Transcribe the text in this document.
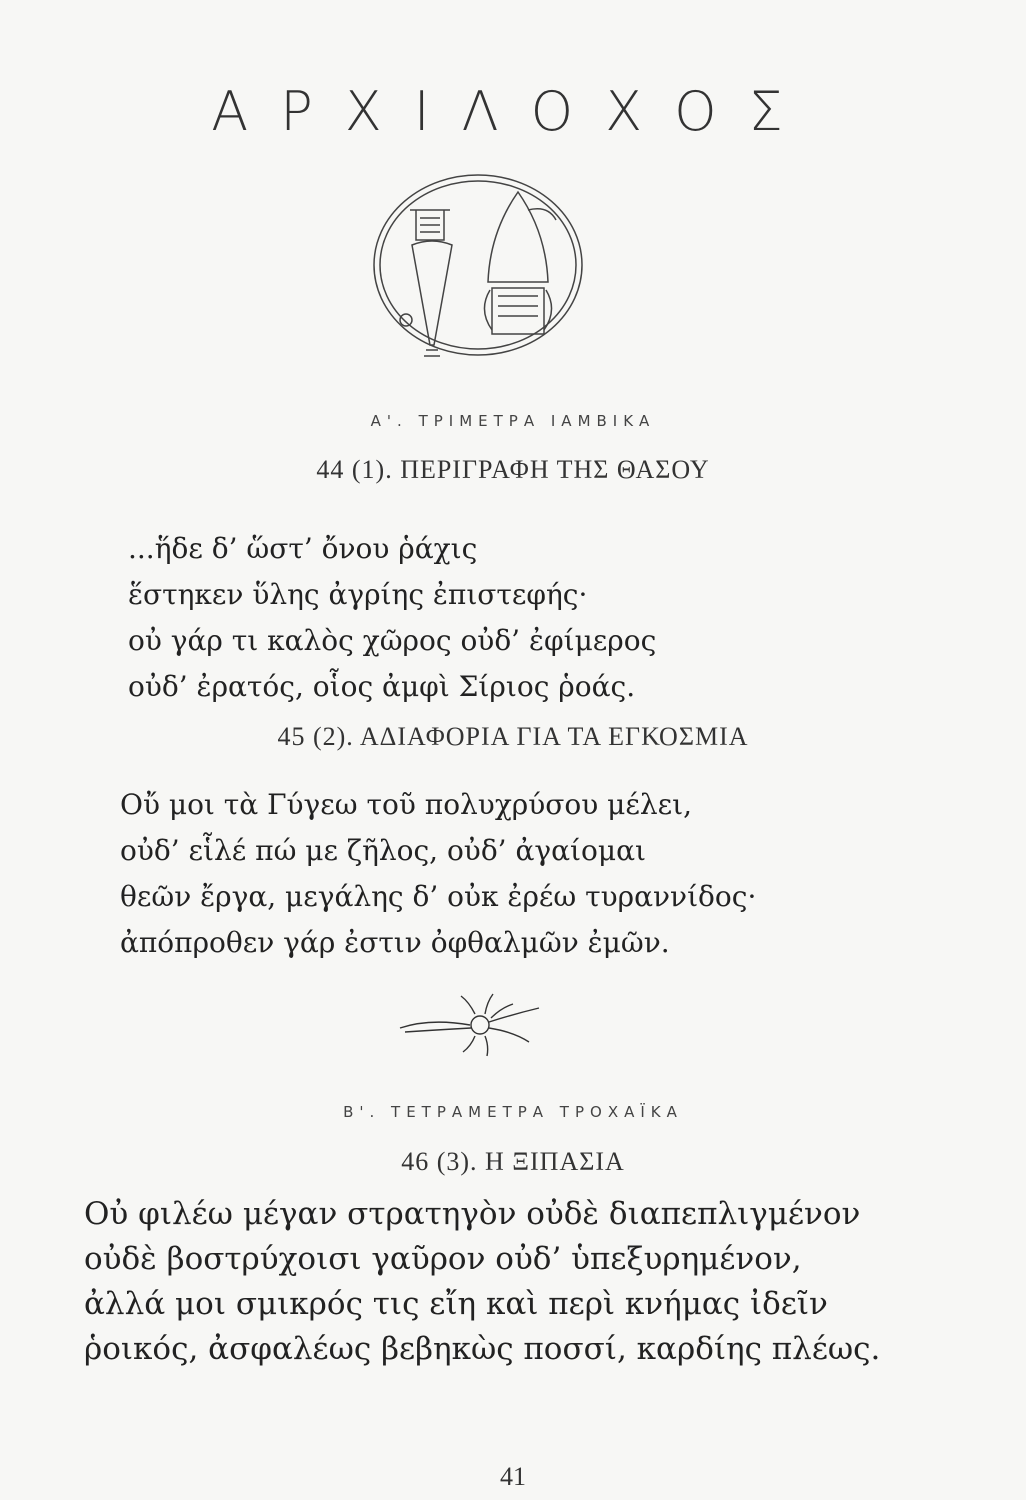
ΑΡΧΙΛΟΧΟΣ
Α'. ΤΡΙΜΕΤΡΑ ΙΑΜΒΙΚΑ
44 (1). ΠΕΡΙΓΡΑΦΗ ΤΗΣ ΘΑΣΟΥ
...ἥδε δ’ ὥστ’ ὄνου ῥάχις
ἕστηκεν ὕλης ἀγρίης ἐπιστεφής·
οὐ γάρ τι καλὸς χῶρος οὐδ’ ἐφίμερος
οὐδ’ ἐρατός, οἷος ἀμφὶ Σίριος ῥοάς.
45 (2). ΑΔΙΑΦΟΡΙΑ ΓΙΑ ΤΑ ΕΓΚΟΣΜΙΑ
Οὔ μοι τὰ Γύγεω τοῦ πολυχρύσου μέλει,
οὐδ’ εἷλέ πώ με ζῆλος, οὐδ’ ἀγαίομαι
θεῶν ἔργα, μεγάλης δ’ οὐκ ἐρέω τυραννίδος·
ἀπόπροθεν γάρ ἐστιν ὀφθαλμῶν ἐμῶν.
Β'. ΤΕΤΡΑΜΕΤΡΑ ΤΡΟΧΑΪΚΑ
46 (3). Η ΞΙΠΑΣΙΑ
Οὐ φιλέω μέγαν στρατηγὸν οὐδὲ διαπεπλιγμένον
οὐδὲ βοστρύχοισι γαῦρον οὐδ’ ὑπεξυρημένον,
ἀλλά μοι σμικρός τις εἴη καὶ περὶ κνήμας ἰδεῖν
ῥοικός, ἀσφαλέως βεβηκὼς ποσσί, καρδίης πλέως.
41
